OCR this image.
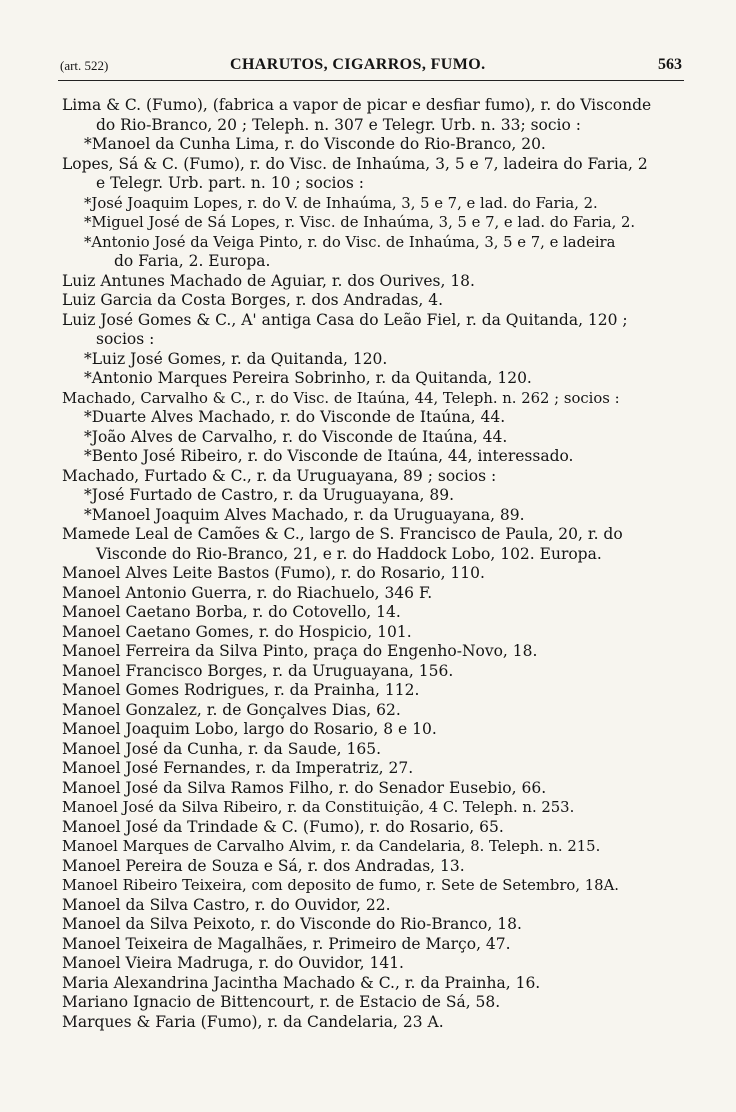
(art. 522)	CHARUTOS, CIGARROS, FUMO.	563
Lima & C. (Fumo), (fabrica a vapor de picar e desfiar fumo), r. do Visconde
do Rio-Branco, 20 ; Teleph. n. 307 e Telegr. Urb. n. 33; socio :
*Manoel da Cunha Lima, r. do Visconde do Rio-Branco, 20.
Lopes, Sá & C. (Fumo), r. do Visc. de Inhaúma, 3, 5 e 7, ladeira do Faria, 2
e Telegr. Urb. part. n. 10 ; socios :
*José Joaquim Lopes, r. do V. de Inhaúma, 3, 5 e 7, e lad. do Faria, 2.
*Miguel José de Sá Lopes, r. Visc. de Inhaúma, 3, 5 e 7, e lad. do Faria, 2.
*Antonio José da Veiga Pinto, r. do Visc. de Inhaúma, 3, 5 e 7, e ladeira
do Faria, 2. Europa.
Luiz Antunes Machado de Aguiar, r. dos Ourives, 18.
Luiz Garcia da Costa Borges, r. dos Andradas, 4.
Luiz José Gomes & C., A' antiga Casa do Leão Fiel, r. da Quitanda, 120 ;
socios :
*Luiz José Gomes, r. da Quitanda, 120.
*Antonio Marques Pereira Sobrinho, r. da Quitanda, 120.
Machado, Carvalho & C., r. do Visc. de Itaúna, 44, Teleph. n. 262 ; socios :
*Duarte Alves Machado, r. do Visconde de Itaúna, 44.
*João Alves de Carvalho, r. do Visconde de Itaúna, 44.
*Bento José Ribeiro, r. do Visconde de Itaúna, 44, interessado.
Machado, Furtado & C., r. da Uruguayana, 89 ; socios :
*José Furtado de Castro, r. da Uruguayana, 89.
*Manoel Joaquim Alves Machado, r. da Uruguayana, 89.
Mamede Leal de Camões & C., largo de S. Francisco de Paula, 20, r. do
Visconde do Rio-Branco, 21, e r. do Haddock Lobo, 102. Europa.
Manoel Alves Leite Bastos (Fumo), r. do Rosario, 110.
Manoel Antonio Guerra, r. do Riachuelo, 346 F.
Manoel Caetano Borba, r. do Cotovello, 14.
Manoel Caetano Gomes, r. do Hospicio, 101.
Manoel Ferreira da Silva Pinto, praça do Engenho-Novo, 18.
Manoel Francisco Borges, r. da Uruguayana, 156.
Manoel Gomes Rodrigues, r. da Prainha, 112.
Manoel Gonzalez, r. de Gonçalves Dias, 62.
Manoel Joaquim Lobo, largo do Rosario, 8 e 10.
Manoel José da Cunha, r. da Saude, 165.
Manoel José Fernandes, r. da Imperatriz, 27.
Manoel José da Silva Ramos Filho, r. do Senador Eusebio, 66.
Manoel José da Silva Ribeiro, r. da Constituição, 4 C. Teleph. n. 253.
Manoel José da Trindade & C. (Fumo), r. do Rosario, 65.
Manoel Marques de Carvalho Alvim, r. da Candelaria, 8. Teleph. n. 215.
Manoel Pereira de Souza e Sá, r. dos Andradas, 13.
Manoel Ribeiro Teixeira, com deposito de fumo, r. Sete de Setembro, 18A.
Manoel da Silva Castro, r. do Ouvidor, 22.
Manoel da Silva Peixoto, r. do Visconde do Rio-Branco, 18.
Manoel Teixeira de Magalhães, r. Primeiro de Março, 47.
Manoel Vieira Madruga, r. do Ouvidor, 141.
Maria Alexandrina Jacintha Machado & C., r. da Prainha, 16.
Mariano Ignacio de Bittencourt, r. de Estacio de Sá, 58.
Marques & Faria (Fumo), r. da Candelaria, 23 A.
